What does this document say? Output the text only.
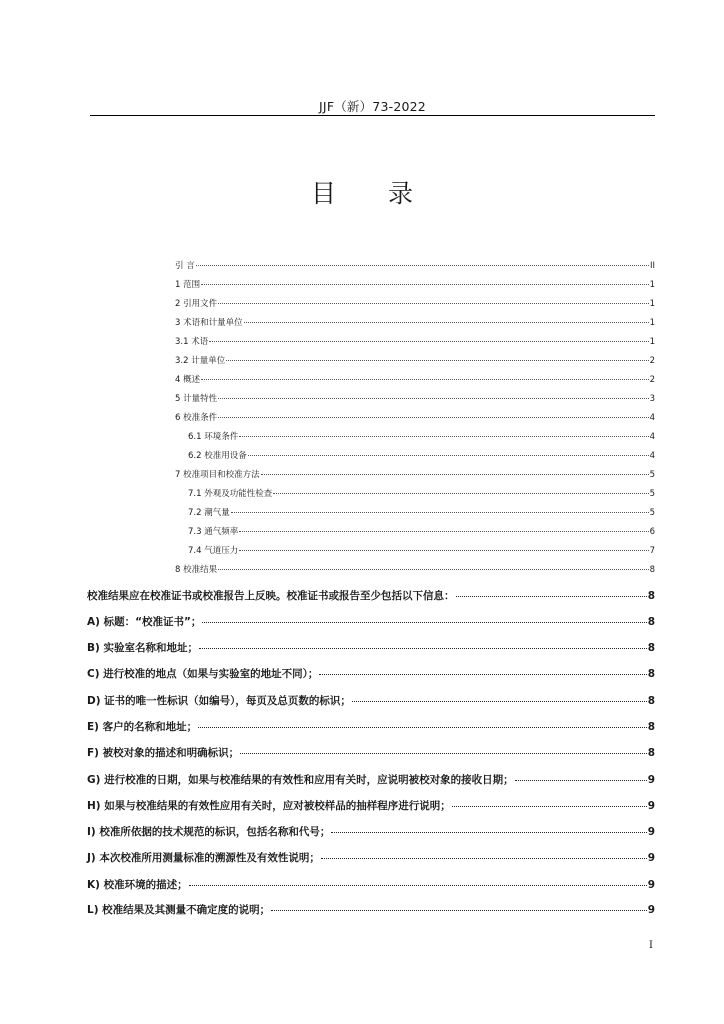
JJF（新）73-2022
目 录
引 言	II
1 范围	1
2 引用文件	1
3 术语和计量单位	1
3.1 术语	1
3.2 计量单位	2
4 概述	2
5 计量特性	3
6 校准条件	4
6.1 环境条件	4
6.2 校准用设备	4
7 校准项目和校准方法	5
7.1 外观及功能性检查	5
7.2 潮气量	5
7.3 通气频率	6
7.4 气道压力	7
8 校准结果	8
校准结果应在校准证书或校准报告上反映。校准证书或报告至少包括以下信息：	8
A) 标题：“校准证书”；	8
B) 实验室名称和地址；	8
C) 进行校准的地点（如果与实验室的地址不同）；	8
D) 证书的唯一性标识（如编号），每页及总页数的标识；	8
E) 客户的名称和地址；	8
F) 被校对象的描述和明确标识；	8
G) 进行校准的日期，如果与校准结果的有效性和应用有关时，应说明被校对象的接收日期；	9
H) 如果与校准结果的有效性应用有关时，应对被校样品的抽样程序进行说明；	9
I) 校准所依据的技术规范的标识，包括名称和代号；	9
J) 本次校准所用测量标准的溯源性及有效性说明；	9
K) 校准环境的描述；	9
L) 校准结果及其测量不确定度的说明；	9
I
